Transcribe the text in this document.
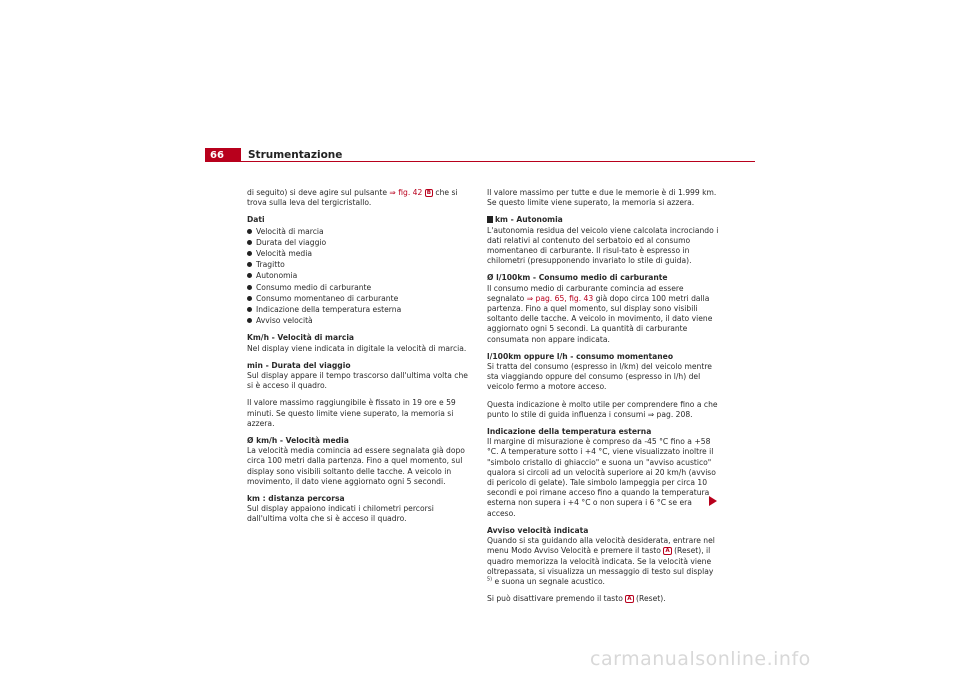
66	Strumentazione

di seguito) si deve agire sul pulsante ⇒ fig. 42 B che si trova sulla leva del tergicristallo.

Dati
Velocità di marcia
Durata del viaggio
Velocità media
Tragitto
Autonomia
Consumo medio di carburante
Consumo momentaneo di carburante
Indicazione della temperatura esterna
Avviso velocità

Km/h - Velocità di marcia
Nel display viene indicata in digitale la velocità di marcia.

min - Durata del viaggio
Sul display appare il tempo trascorso dall'ultima volta che si è acceso il quadro.

Il valore massimo raggiungibile è fissato in 19 ore e 59 minuti. Se questo limite viene superato, la memoria si azzera.

Ø km/h - Velocità media
La velocità media comincia ad essere segnalata già dopo circa 100 metri dalla partenza. Fino a quel momento, sul display sono visibili soltanto delle tacche. A veicolo in movimento, il dato viene aggiornato ogni 5 secondi.

km : distanza percorsa
Sul display appaiono indicati i chilometri percorsi dall'ultima volta che si è acceso il quadro.

Il valore massimo per tutte e due le memorie è di 1.999 km. Se questo limite viene superato, la memoria si azzera.

km - Autonomia
L'autonomia residua del veicolo viene calcolata incrociando i dati relativi al contenuto del serbatoio ed al consumo momentaneo di carburante. Il risul-tato è espresso in chilometri (presupponendo invariato lo stile di guida).

Ø l/100km - Consumo medio di carburante
Il consumo medio di carburante comincia ad essere segnalato ⇒ pag. 65, fig. 43 già dopo circa 100 metri dalla partenza. Fino a quel momento, sul display sono visibili soltanto delle tacche. A veicolo in movimento, il dato viene aggiornato ogni 5 secondi. La quantità di carburante consumata non appare indicata.

l/100km oppure l/h - consumo momentaneo
Si tratta del consumo (espresso in l/km) del veicolo mentre sta viaggiando oppure del consumo (espresso in l/h) del veicolo fermo a motore acceso.

Questa indicazione è molto utile per comprendere fino a che punto lo stile di guida influenza i consumi ⇒ pag. 208.

Indicazione della temperatura esterna
Il margine di misurazione è compreso da -45 °C fino a +58 °C. A temperature sotto i +4 °C, viene visualizzato inoltre il "simbolo cristallo di ghiaccio" e suona un "avviso acustico" qualora si circoli ad un velocità superiore ai 20 km/h (avviso di pericolo di gelate). Tale simbolo lampeggia per circa 10 secondi e poi rimane acceso fino a quando la temperatura esterna non supera i +4 °C o non supera i 6 °C se era acceso.

Avviso velocità indicata
Quando si sta guidando alla velocità desiderata, entrare nel menu Modo Avviso Velocità e premere il tasto A (Reset), il quadro memorizza la velocità indicata. Se la velocità viene oltrepassata, si visualizza un messaggio di testo sul display $^{5)}$ e suona un segnale acustico.

Si può disattivare premendo il tasto A (Reset).

carmanualsonline.info
